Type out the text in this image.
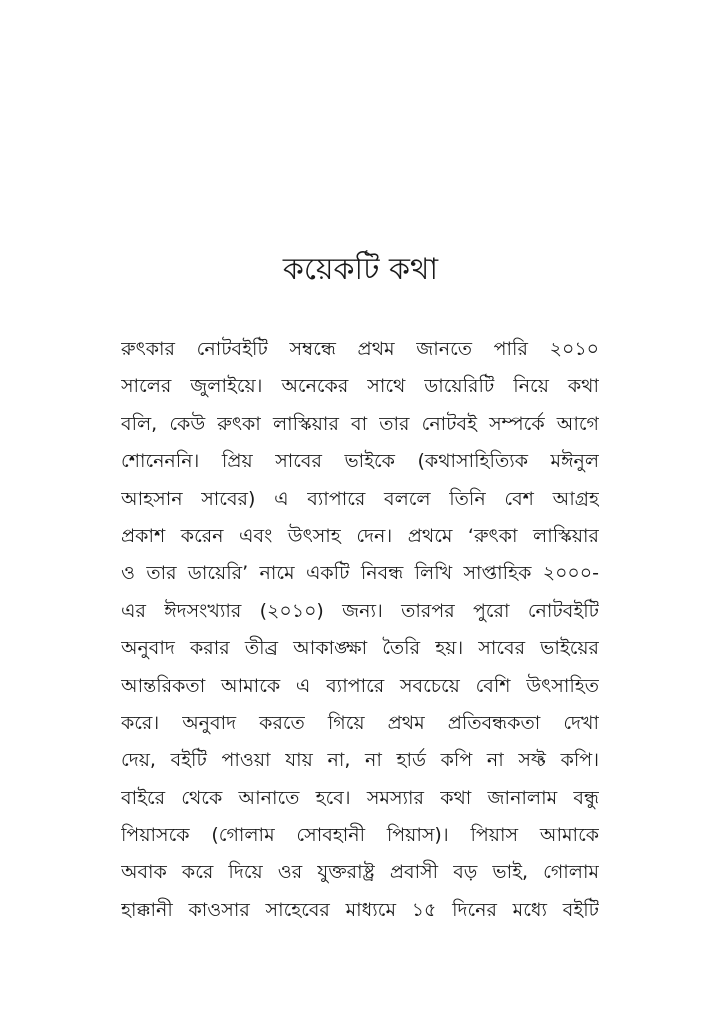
কয়েকটি কথা
রুৎকার নোটবইটি সম্বন্ধে প্রথম জানতে পারি ২০১০
সালের জুলাইয়ে। অনেকের সাথে ডায়েরিটি নিয়ে কথা
বলি, কেউ রুৎকা লাস্কিয়ার বা তার নোটবই সম্পর্কে আগে
শোনেননি। প্রিয় সাবের ভাইকে (কথাসাহিত্যিক মঈনুল
আহসান সাবের) এ ব্যাপারে বললে তিনি বেশ আগ্রহ
প্রকাশ করেন এবং উৎসাহ দেন। প্রথমে ‘রুৎকা লাস্কিয়ার
ও তার ডায়েরি’ নামে একটি নিবন্ধ লিখি সাপ্তাহিক ২০০০-
এর ঈদসংখ্যার (২০১০) জন্য। তারপর পুরো নোটবইটি
অনুবাদ করার তীব্র আকাঙ্ক্ষা তৈরি হয়। সাবের ভাইয়ের
আন্তরিকতা আমাকে এ ব্যাপারে সবচেয়ে বেশি উৎসাহিত
করে। অনুবাদ করতে গিয়ে প্রথম প্রতিবন্ধকতা দেখা
দেয়, বইটি পাওয়া যায় না, না হার্ড কপি না সফ্ট কপি।
বাইরে থেকে আনাতে হবে। সমস্যার কথা জানালাম বন্ধু
পিয়াসকে (গোলাম সোবহানী পিয়াস)। পিয়াস আমাকে
অবাক করে দিয়ে ওর যুক্তরাষ্ট্র প্রবাসী বড় ভাই, গোলাম
হাক্কানী কাওসার সাহেবের মাধ্যমে ১৫ দিনের মধ্যে বইটি
